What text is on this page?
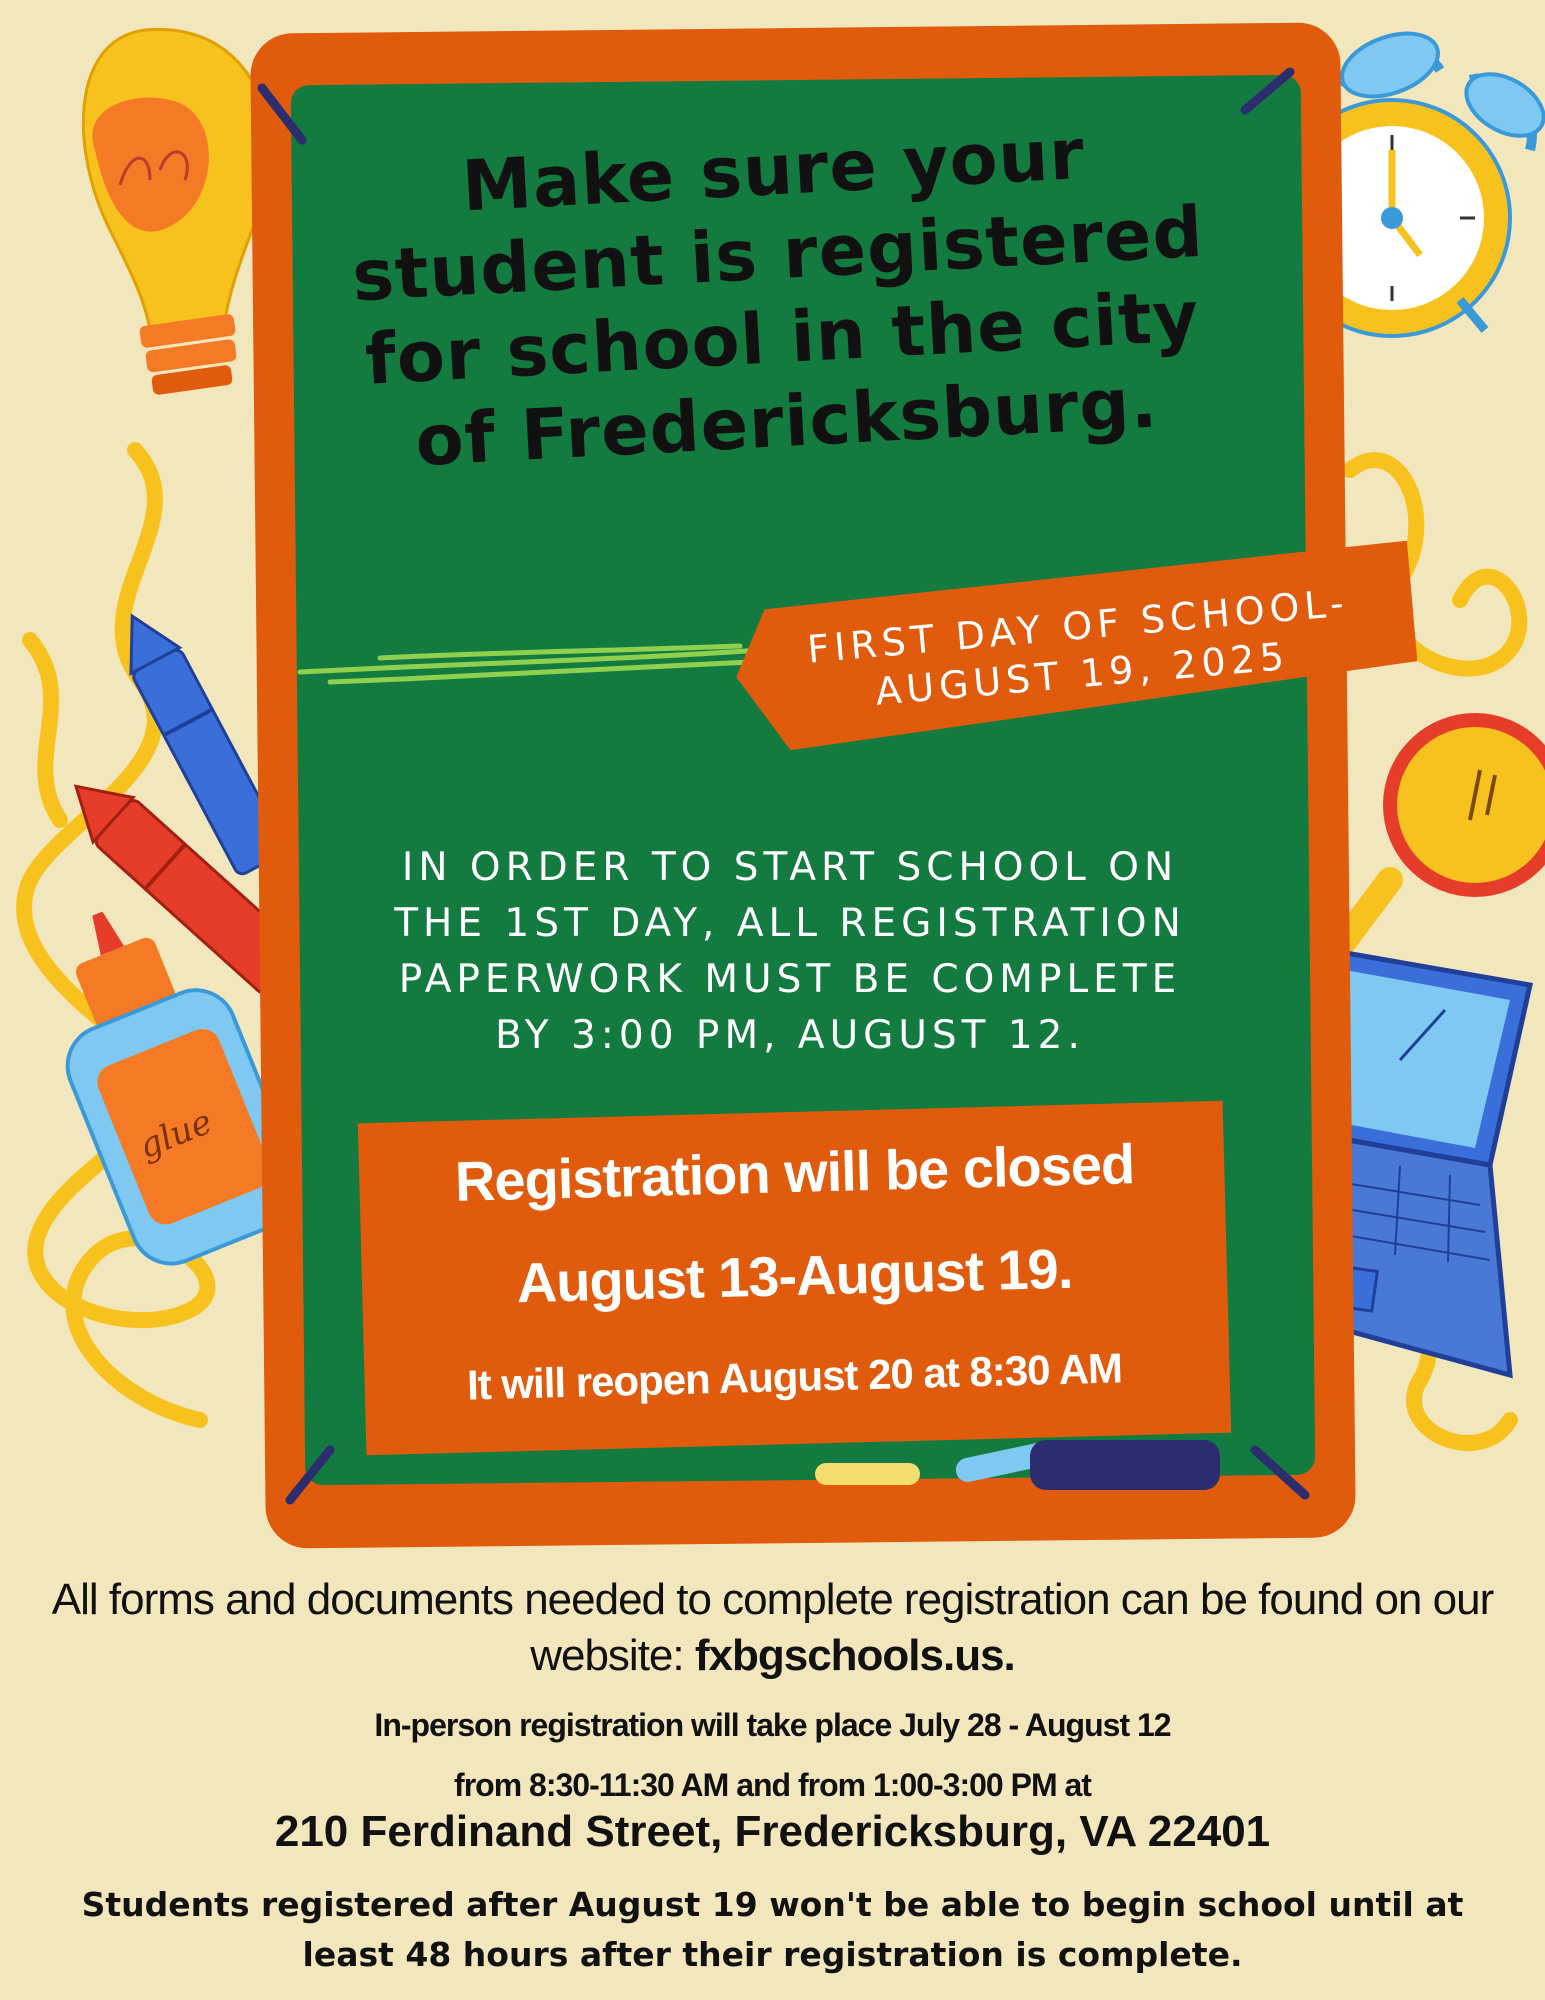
glue
Make sure your
student is registered
for school in the city
of Fredericksburg.
FIRST DAY OF SCHOOL-
AUGUST 19, 2025
IN ORDER TO START SCHOOL ON
THE 1ST DAY, ALL REGISTRATION
PAPERWORK MUST BE COMPLETE
BY 3:00 PM, AUGUST 12.
Registration will be closed
August 13-August 19.
It will reopen August 20 at 8:30 AM
All forms and documents needed to complete registration can be found on our website: fxbgschools.us.
In-person registration will take place July 28 - August 12
from 8:30-11:30 AM and from 1:00-3:00 PM at
210 Ferdinand Street, Fredericksburg, VA 22401
Students registered after August 19 won't be able to begin school until at
least 48 hours after their registration is complete.
